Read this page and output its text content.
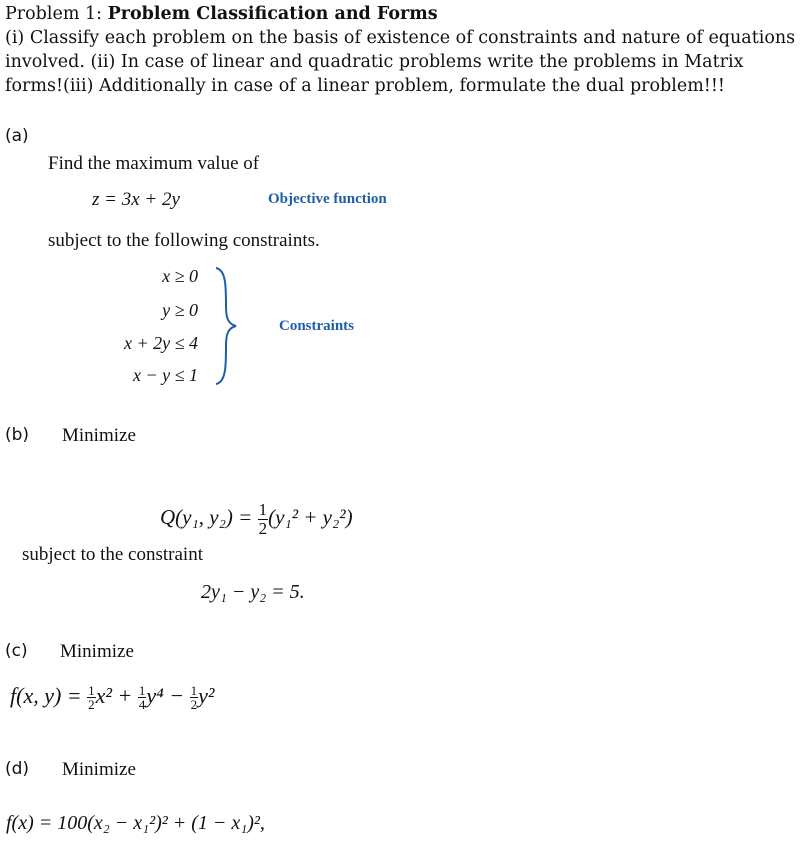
Problem 1: Problem Classification and Forms
(i) Classify each problem on the basis of existence of constraints and nature of equations involved. (ii) In case of linear and quadratic problems write the problems in Matrix forms!(iii) Additionally in case of a linear problem, formulate the dual problem!!!
(a)
Find the maximum value of
z = 3x + 2y	Objective function
subject to the following constraints.
x ≥ 0
y ≥ 0
x + 2y ≤ 4
x − y ≤ 1
Constraints
(b) Minimize
Q(y₁, $y_2) = \frac{1}{2} (y_1^2 + y_2^2)$
subject to the constraint
2y₁ − y₂ = 5.
(c) Minimize
f(x, $y) = \frac{1}{2} x^2 + \frac{1}{4} y^4 - \frac{1}{2} y^2$
(d) Minimize
f(x) = 100(x₂ − x₁²)² + (1 − x₁)²,
